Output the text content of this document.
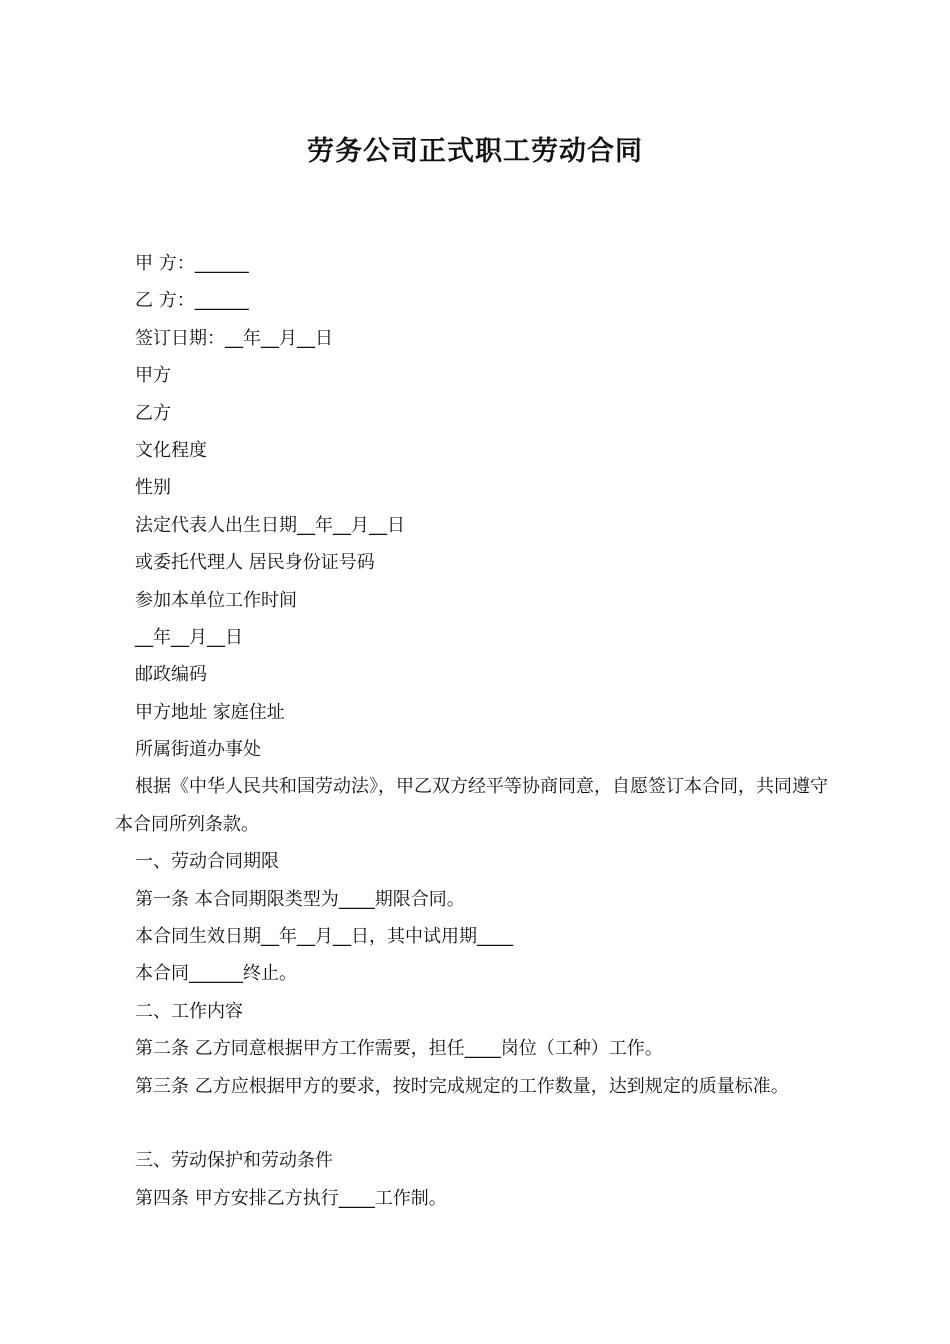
劳务公司正式职工劳动合同
甲 方：______
乙 方：______
签订日期：__年__月__日
甲方
乙方
文化程度
性别
法定代表人出生日期__年__月__日
或委托代理人 居民身份证号码
参加本单位工作时间
__年__月__日
邮政编码
甲方地址 家庭住址
所属街道办事处
根据《中华人民共和国劳动法》，甲乙双方经平等协商同意，自愿签订本合同，共同遵守本合同所列条款。
一、劳动合同期限
第一条 本合同期限类型为____期限合同。
本合同生效日期__年__月__日，其中试用期____
本合同______终止。
二、工作内容
第二条 乙方同意根据甲方工作需要，担任____岗位（工种）工作。
第三条 乙方应根据甲方的要求，按时完成规定的工作数量，达到规定的质量标准。
三、劳动保护和劳动条件
第四条 甲方安排乙方执行____工作制。
